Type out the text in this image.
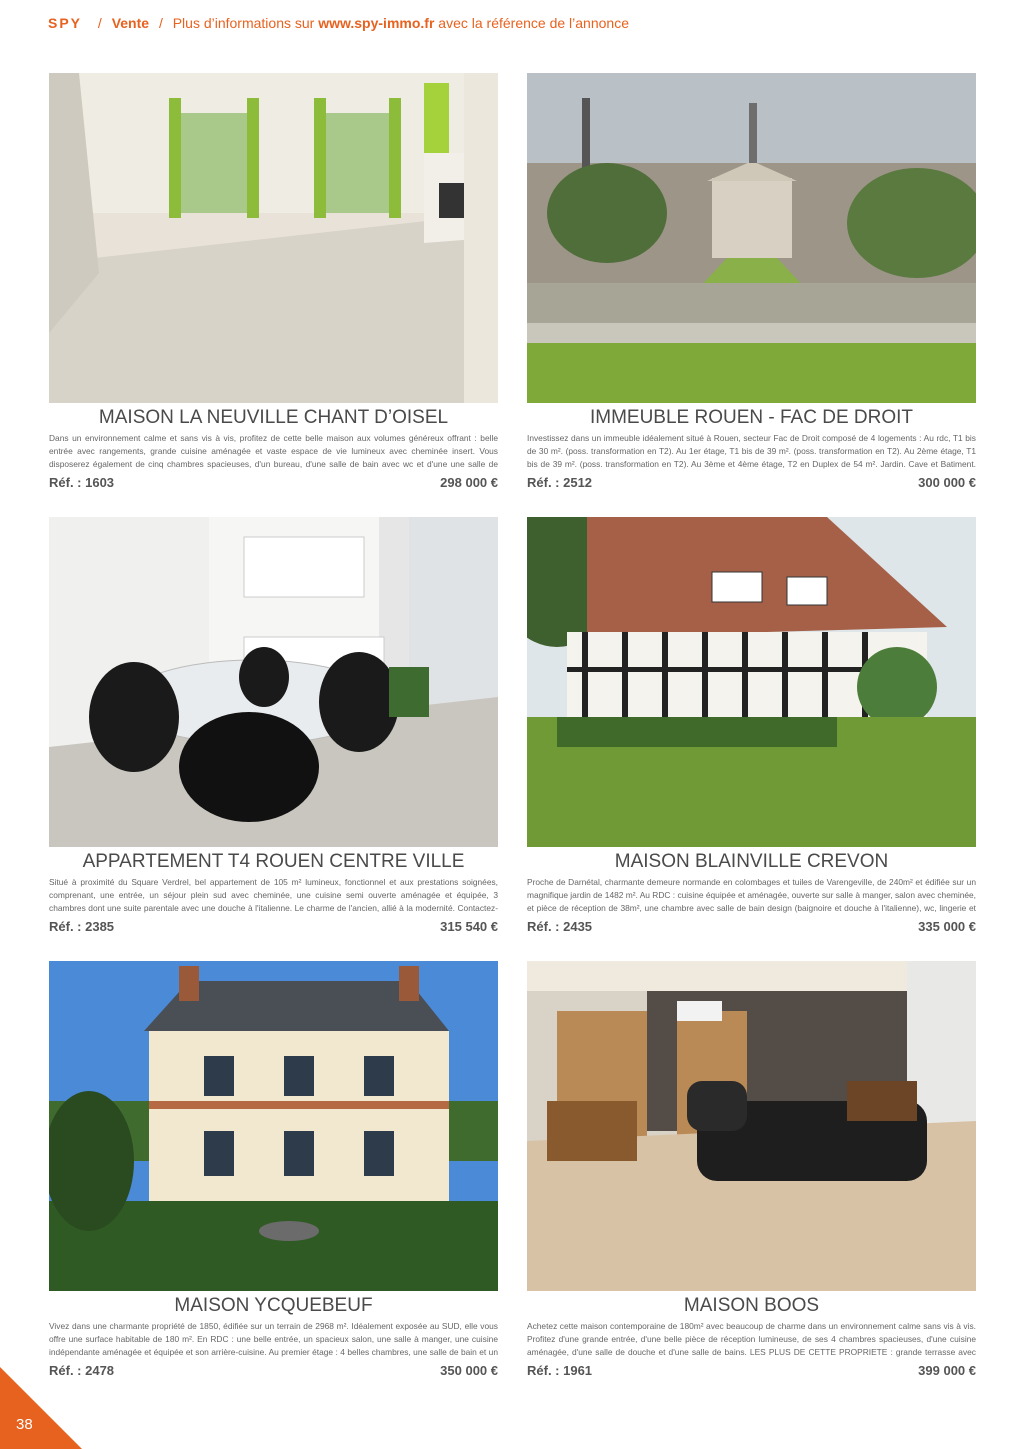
SPY / Vente / Plus d’informations sur www.spy-immo.fr avec la référence de l’annonce
MAISON LA NEUVILLE CHANT D’OISEL
Dans un environnement calme et sans vis à vis, profitez de cette belle maison aux volumes généreux offrant : belle entrée avec rangements, grande cuisine aménagée et vaste espace de vie lumineux avec cheminée insert. Vous disposerez également de cinq chambres spacieuses, d'un bureau, d'une salle de bain avec wc et d'une une salle de
Réf. : 1603	298 000 €
IMMEUBLE ROUEN - FAC DE DROIT
Investissez dans un immeuble idéalement situé à Rouen, secteur Fac de Droit composé de 4 logements : Au rdc, T1 bis de 30 m². (poss. transformation en T2). Au 1er étage, T1 bis de 39 m². (poss. transformation en T2). Au 2ème étage, T1 bis de 39 m². (poss. transformation en T2). Au 3ème et 4ème étage, T2 en Duplex de 54 m². Jardin. Cave et Batiment.
Réf. : 2512	300 000 €
APPARTEMENT T4 ROUEN CENTRE VILLE
Situé à proximité du Square Verdrel, bel appartement de 105 m² lumineux, fonctionnel et aux prestations soignées, comprenant, une entrée, un séjour plein sud avec cheminée, une cuisine semi ouverte aménagée et équipée, 3 chambres dont une suite parentale avec une douche à l'italienne. Le charme de l'ancien, allié à la modernité. Contactez-
Réf. : 2385	315 540 €
MAISON BLAINVILLE CREVON
Proche de Darnétal, charmante demeure normande en colombages et tuiles de Varengeville, de 240m² et édifiée sur un magnifique jardin de 1482 m². Au RDC : cuisine équipée et aménagée, ouverte sur salle à manger, salon avec cheminée, et pièce de réception de 38m², une chambre avec salle de bain design (baignoire et douche à l'italienne), wc, lingerie et
Réf. : 2435	335 000 €
MAISON YCQUEBEUF
Vivez dans une charmante propriété de 1850, édifiée sur un terrain de 2968 m². Idéalement exposée au SUD, elle vous offre une surface habitable de 180 m². En RDC : une belle entrée, un spacieux salon, une salle à manger, une cuisine indépendante aménagée et équipée et son arrière-cuisine. Au premier étage : 4 belles chambres, une salle de bain et un
Réf. : 2478	350 000 €
MAISON BOOS
Achetez cette maison contemporaine de 180m² avec beaucoup de charme dans un environnement calme sans vis à vis. Profitez d'une grande entrée, d'une belle pièce de réception lumineuse, de ses 4 chambres spacieuses, d'une cuisine aménagée, d'une salle de douche et d'une salle de bains. LES PLUS DE CETTE PROPRIETE : grande terrasse avec
Réf. : 1961	399 000 €
38
